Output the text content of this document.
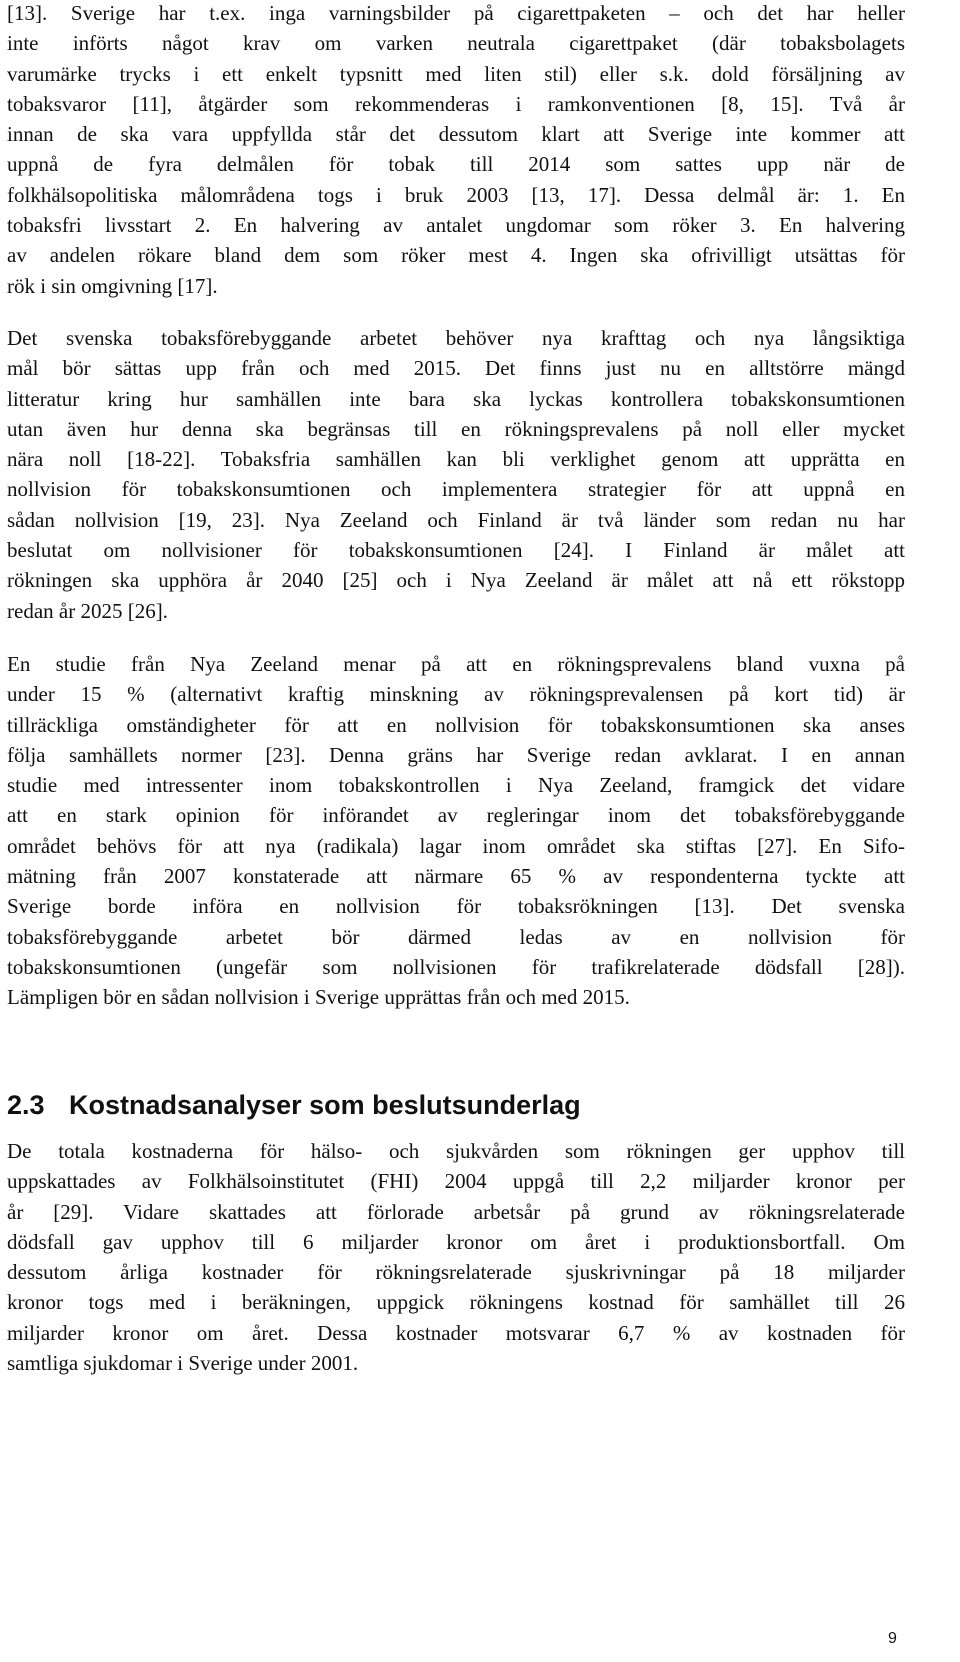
[13]. Sverige har t.ex. inga varningsbilder på cigarettpaketen – och det har heller
inte införts något krav om varken neutrala cigarettpaket (där tobaksbolagets
varumärke trycks i ett enkelt typsnitt med liten stil) eller s.k. dold försäljning av
tobaksvaror [11], åtgärder som rekommenderas i ramkonventionen [8, 15]. Två år
innan de ska vara uppfyllda står det dessutom klart att Sverige inte kommer att
uppnå de fyra delmålen för tobak till 2014 som sattes upp när de
folkhälsopolitiska målområdena togs i bruk 2003 [13, 17]. Dessa delmål är: 1. En
tobaksfri livsstart 2. En halvering av antalet ungdomar som röker 3. En halvering
av andelen rökare bland dem som röker mest 4. Ingen ska ofrivilligt utsättas för
rök i sin omgivning [17].
Det svenska tobaksförebyggande arbetet behöver nya krafttag och nya långsiktiga
mål bör sättas upp från och med 2015. Det finns just nu en alltstörre mängd
litteratur kring hur samhällen inte bara ska lyckas kontrollera tobakskonsumtionen
utan även hur denna ska begränsas till en rökningsprevalens på noll eller mycket
nära noll [18-22]. Tobaksfria samhällen kan bli verklighet genom att upprätta en
nollvision för tobakskonsumtionen och implementera strategier för att uppnå en
sådan nollvision [19, 23]. Nya Zeeland och Finland är två länder som redan nu har
beslutat om nollvisioner för tobakskonsumtionen [24]. I Finland är målet att
rökningen ska upphöra år 2040 [25] och i Nya Zeeland är målet att nå ett rökstopp
redan år 2025 [26].
En studie från Nya Zeeland menar på att en rökningsprevalens bland vuxna på
under 15 % (alternativt kraftig minskning av rökningsprevalensen på kort tid) är
tillräckliga omständigheter för att en nollvision för tobakskonsumtionen ska anses
följa samhällets normer [23]. Denna gräns har Sverige redan avklarat. I en annan
studie med intressenter inom tobakskontrollen i Nya Zeeland, framgick det vidare
att en stark opinion för införandet av regleringar inom det tobaksförebyggande
området behövs för att nya (radikala) lagar inom området ska stiftas [27]. En Sifo-
mätning från 2007 konstaterade att närmare 65 % av respondenterna tyckte att
Sverige borde införa en nollvision för tobaksrökningen [13]. Det svenska
tobaksförebyggande arbetet bör därmed ledas av en nollvision för
tobakskonsumtionen (ungefär som nollvisionen för trafikrelaterade dödsfall [28]).
Lämpligen bör en sådan nollvision i Sverige upprättas från och med 2015.
2.3 Kostnadsanalyser som beslutsunderlag
De totala kostnaderna för hälso- och sjukvården som rökningen ger upphov till
uppskattades av Folkhälsoinstitutet (FHI) 2004 uppgå till 2,2 miljarder kronor per
år [29]. Vidare skattades att förlorade arbetsår på grund av rökningsrelaterade
dödsfall gav upphov till 6 miljarder kronor om året i produktionsbortfall. Om
dessutom årliga kostnader för rökningsrelaterade sjuskrivningar på 18 miljarder
kronor togs med i beräkningen, uppgick rökningens kostnad för samhället till 26
miljarder kronor om året. Dessa kostnader motsvarar 6,7 % av kostnaden för
samtliga sjukdomar i Sverige under 2001.
9
